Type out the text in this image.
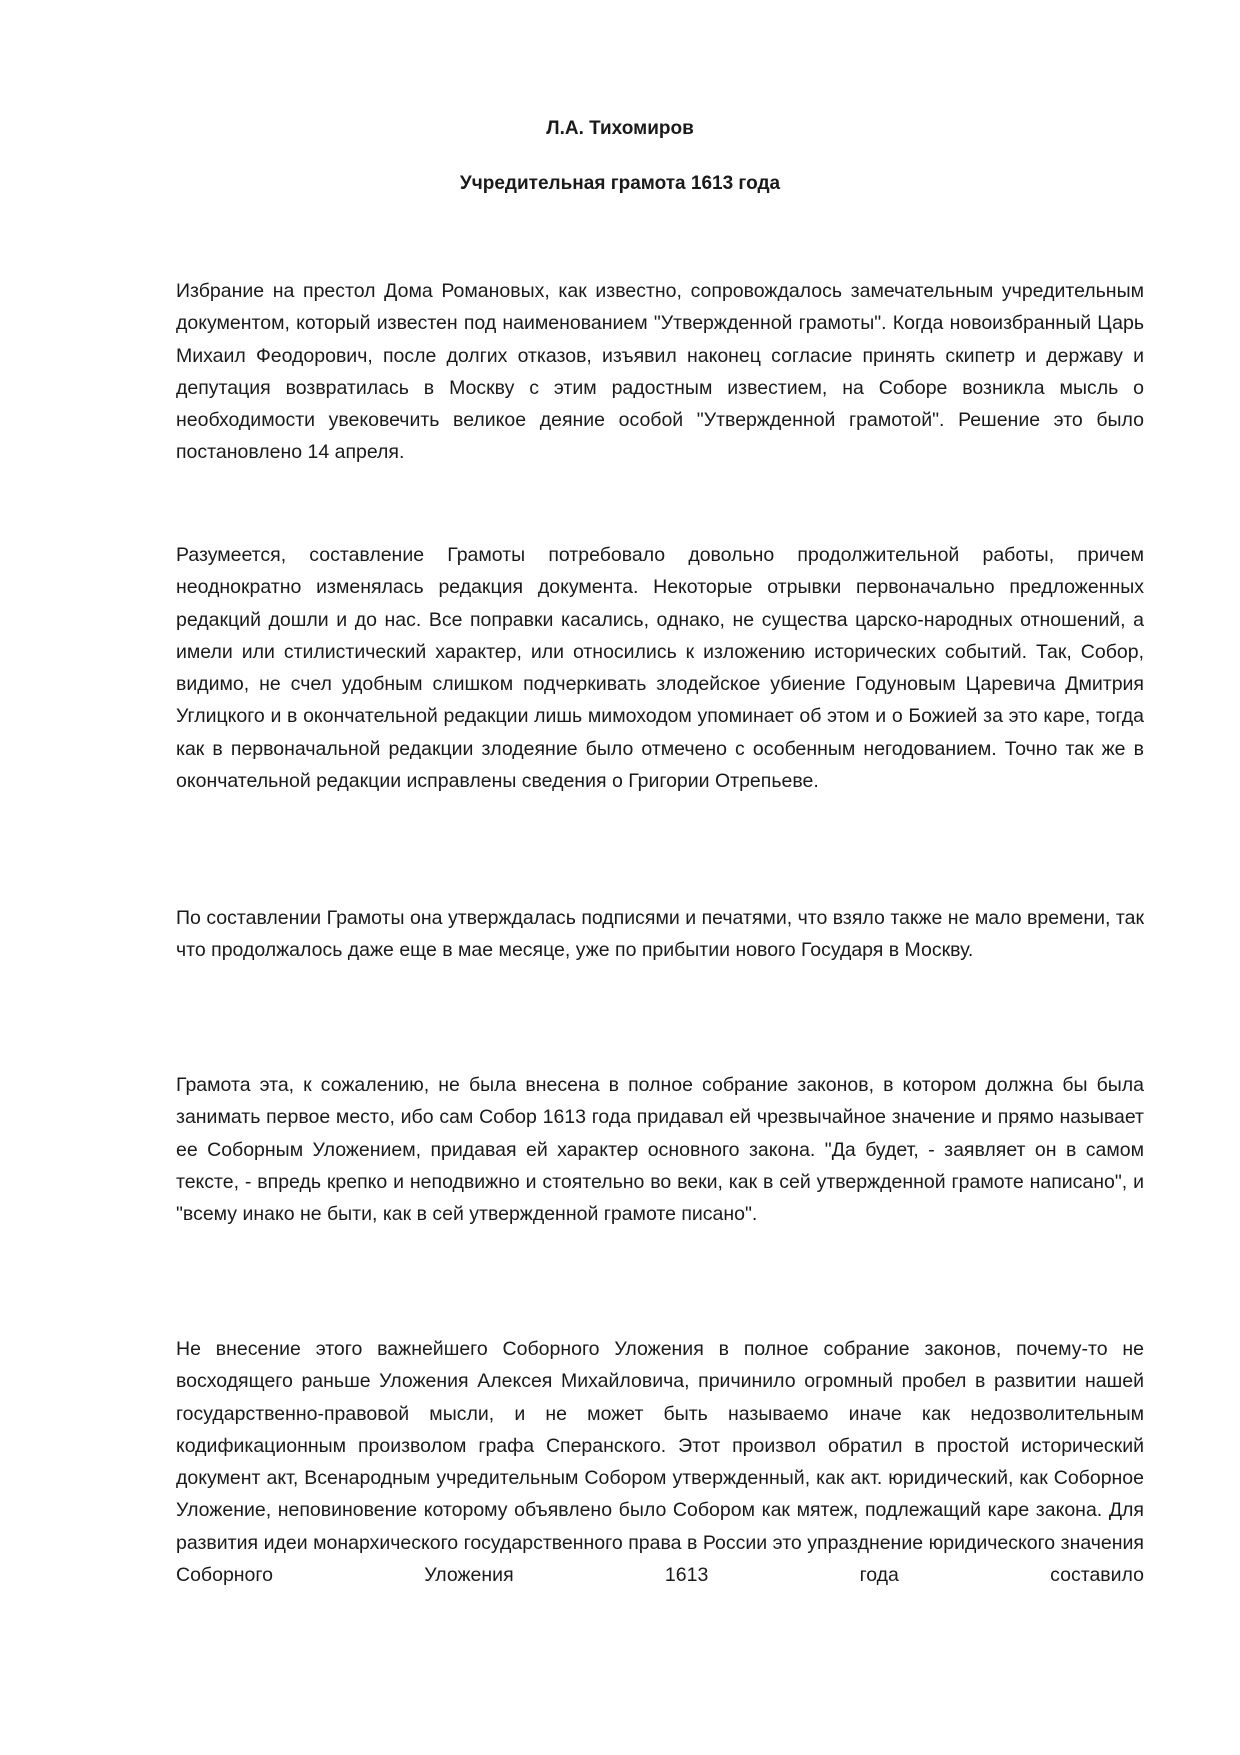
Л.А. Тихомиров
Учредительная грамота 1613 года

Избрание на престол Дома Романовых, как известно, сопровождалось замечательным учредительным документом, который известен под наименованием "Утвержденной грамоты". Когда новоизбранный Царь Михаил Феодорович, после долгих отказов, изъявил наконец согласие принять скипетр и державу и депутация возвратилась в Москву с этим радостным известием, на Соборе возникла мысль о необходимости увековечить великое деяние особой "Утвержденной грамотой". Решение это было постановлено 14 апреля.

Разумеется, составление Грамоты потребовало довольно продолжительной работы, причем неоднократно изменялась редакция документа. Некоторые отрывки первоначально предложенных редакций дошли и до нас. Все поправки касались, однако, не существа царско-народных отношений, а имели или стилистический характер, или относились к изложению исторических событий. Так, Собор, видимо, не счел удобным слишком подчеркивать злодейское убиение Годуновым Царевича Дмитрия Углицкого и в окончательной редакции лишь мимоходом упоминает об этом и о Божией за это каре, тогда как в первоначальной редакции злодеяние было отмечено с особенным негодованием. Точно так же в окончательной редакции исправлены сведения о Григории Отрепьеве.

По составлении Грамоты она утверждалась подписями и печатями, что взяло также не мало времени, так что продолжалось даже еще в мае месяце, уже по прибытии нового Государя в Москву.

Грамота эта, к сожалению, не была внесена в полное собрание законов, в котором должна бы была занимать первое место, ибо сам Собор 1613 года придавал ей чрезвычайное значение и прямо называет ее Соборным Уложением, придавая ей характер основного закона. "Да будет, - заявляет он в самом тексте, - впредь крепко и неподвижно и стоятельно во веки, как в сей утвержденной грамоте написано", и "всему инако не быти, как в сей утвержденной грамоте писано".

Не внесение этого важнейшего Соборного Уложения в полное собрание законов, почему-то не восходящего раньше Уложения Алексея Михайловича, причинило огромный пробел в развитии нашей государственно-правовой мысли, и не может быть называемо иначе как недозволительным кодификационным произволом графа Сперанского. Этот произвол обратил в простой исторический документ акт, Всенародным учредительным Собором утвержденный, как акт. юридический, как Соборное Уложение, неповиновение которому объявлено было Собором как мятеж, подлежащий каре закона. Для развития идеи монархического государственного права в России это упразднение юридического значения Соборного Уложения 1613 года составило
